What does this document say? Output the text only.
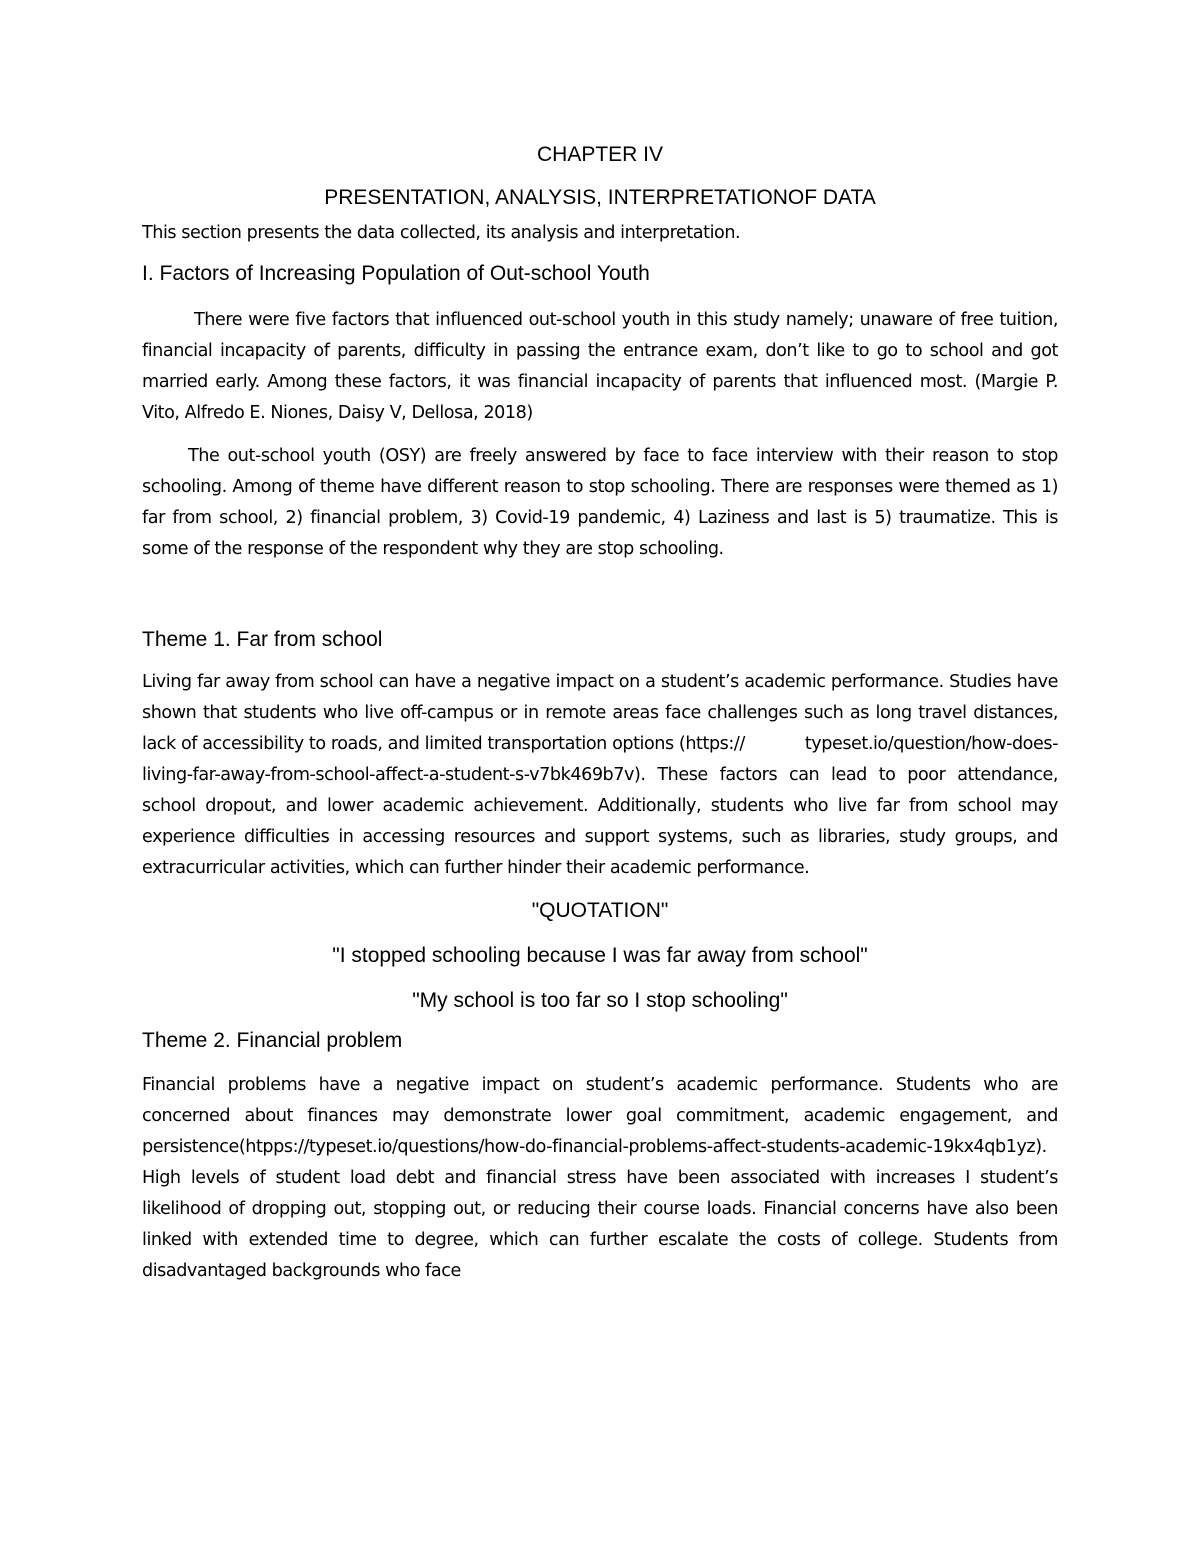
CHAPTER IV

PRESENTATION, ANALYSIS, INTERPRETATIONOF DATA

This section presents the data collected, its analysis and interpretation.

I. Factors of Increasing Population of Out-school Youth

There were five factors that influenced out-school youth in this study namely; unaware of free tuition, financial incapacity of parents, difficulty in passing the entrance exam, don’t like to go to school and got married early. Among these factors, it was financial incapacity of parents that influenced most. (Margie P. Vito, Alfredo E. Niones, Daisy V, Dellosa, 2018)

The out-school youth (OSY) are freely answered by face to face interview with their reason to stop schooling. Among of theme have different reason to stop schooling. There are responses were themed as 1) far from school, 2) financial problem, 3) Covid-19 pandemic, 4) Laziness and last is 5) traumatize. This is some of the response of the respondent why they are stop schooling.

Theme 1. Far from school

Living far away from school can have a negative impact on a student’s academic performance. Studies have shown that students who live off-campus or in remote areas face challenges such as long travel distances, lack of accessibility to roads, and limited transportation options (https://	typeset.io/question/how-does-living-far-away-from-school-affect-a-student-s-v7bk469b7v). These factors can lead to poor attendance, school dropout, and lower academic achievement. Additionally, students who live far from school may experience difficulties in accessing resources and support systems, such as libraries, study groups, and extracurricular activities, which can further hinder their academic performance.

"QUOTATION"

"I stopped schooling because I was far away from school"

"My school is too far so I stop schooling"

Theme 2. Financial problem

Financial problems have a negative impact on student’s academic performance. Students who are concerned about finances may demonstrate lower goal commitment, academic engagement, and persistence(htpps://typeset.io/questions/how-do-financial-problems-affect-students-academic-19kx4qb1yz). High levels of student load debt and financial stress have been associated with increases I student’s likelihood of dropping out, stopping out, or reducing their course loads. Financial concerns have also been linked with extended time to degree, which can further escalate the costs of college. Students from disadvantaged backgrounds who face
